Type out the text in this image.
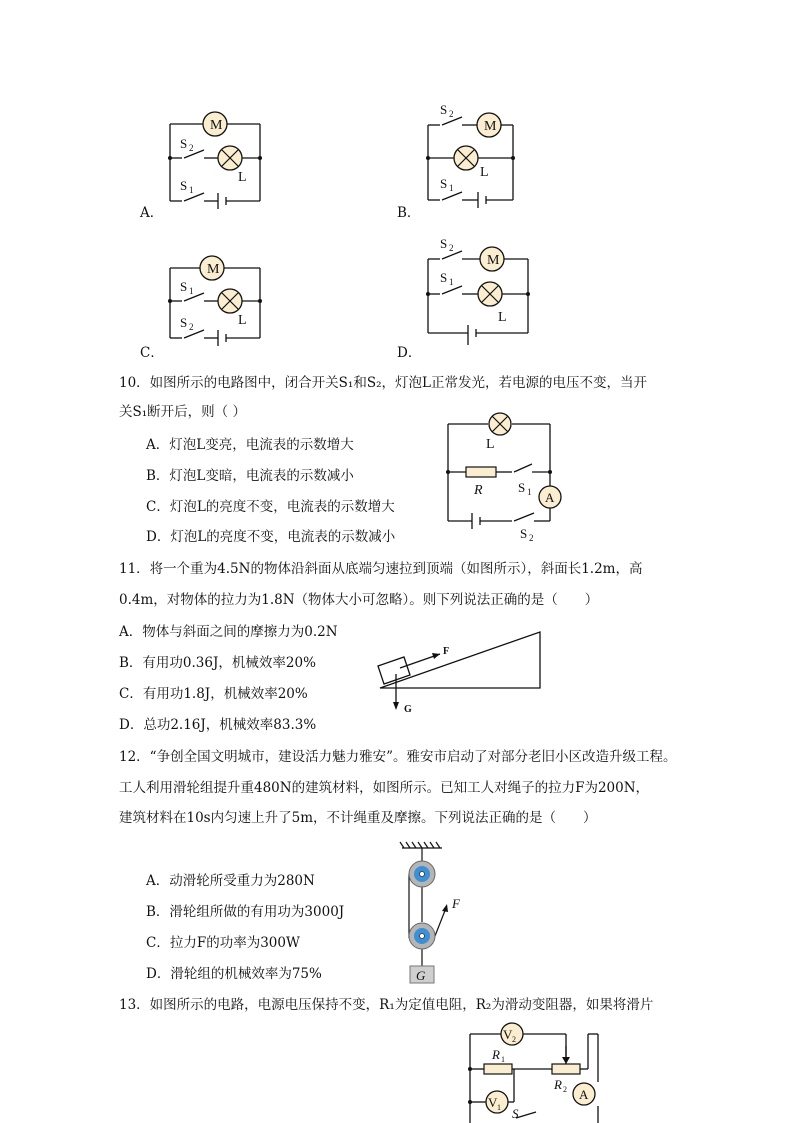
A．
M
L
S 2
S 1
B．
M
L
S 2
S 1
C．
M
L
S 1
S 2
D．
M
L
S 2
S 1
10．如图所示的电路图中，闭合开关S₁和S₂，灯泡L正常发光，若电源的电压不变，当开
关S₁断开后，则（ ）
A．灯泡L变亮，电流表的示数增大
B．灯泡L变暗，电流表的示数减小
C．灯泡L的亮度不变，电流表的示数增大
D．灯泡L的亮度不变，电流表的示数减小
A
L
R	S 1
S 2
11．将一个重为4.5N的物体沿斜面从底端匀速拉到顶端（如图所示），斜面长1.2m，高
0.4m，对物体的拉力为1.8N（物体大小可忽略）。则下列说法正确的是（　　）
A．物体与斜面之间的摩擦力为0.2N
B．有用功0.36J，机械效率20%
C．有用功1.8J，机械效率20%
D．总功2.16J，机械效率83.3%
F
G
12．“争创全国文明城市，建设活力魅力雅安”。雅安市启动了对部分老旧小区改造升级工程。
工人利用滑轮组提升重480N的建筑材料，如图所示。已知工人对绳子的拉力F为200N，
建筑材料在10s内匀速上升了5m，不计绳重及摩擦。下列说法正确的是（　　）
A．动滑轮所受重力为280N
B．滑轮组所做的有用功为3000J
C．拉力F的功率为300W
D．滑轮组的机械效率为75%
F
G
13．如图所示的电路，电源电压保持不变，R₁为定值电阻，R₂为滑动变阻器，如果将滑片
V 2
R 1
R 2
V 1
A
S
